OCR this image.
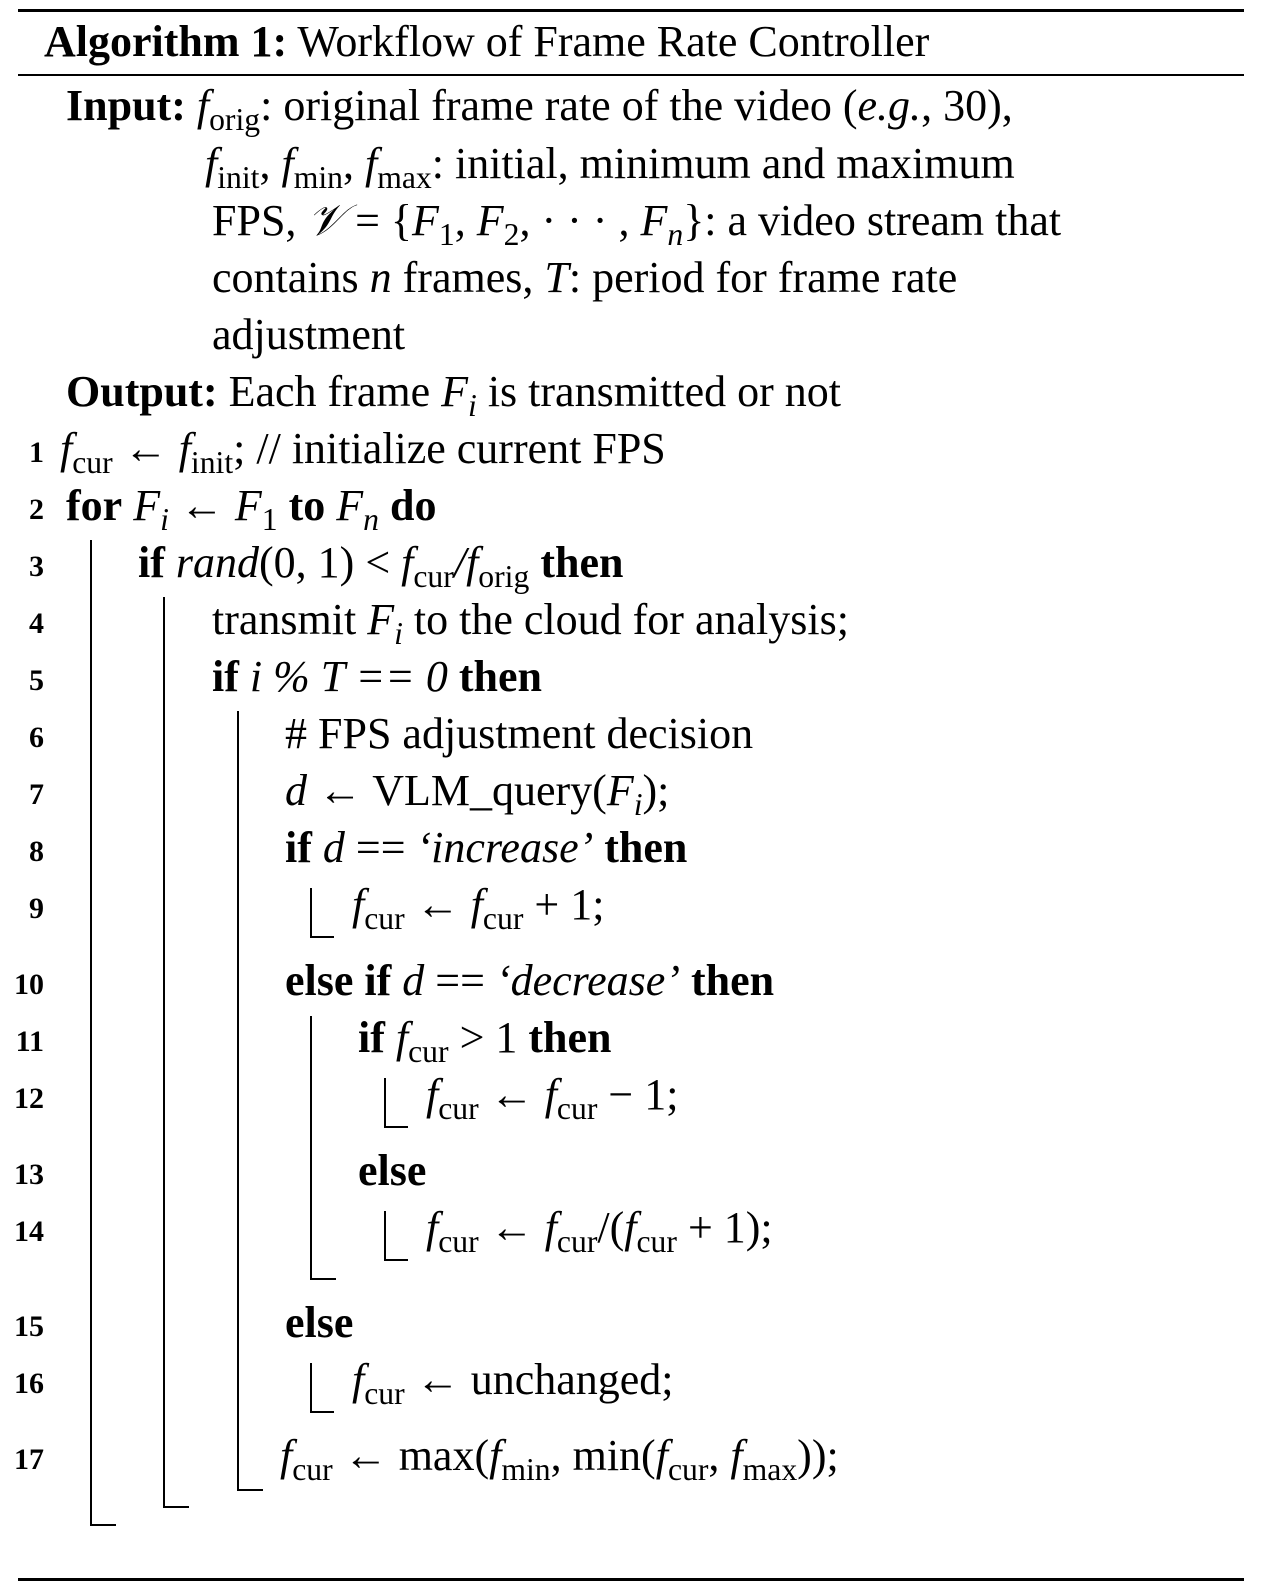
Algorithm 1: Workflow of Frame Rate Controller
Input: $f_{orig}$: original frame rate of the video (e.g., 30),
$f_{init}$, $f_{min}$, $f_{max}$: initial, minimum and maximum
FPS, 𝒱 = {$F_1$, $F_2$, · · · , $F_n$}: a video stream that
contains n frames, T: period for frame rate
adjustment
Output: Each frame $F_i$ is transmitted or not
1
2
3
4
5
6
7
8
9
10
11
12
13
14
15
16
17
$f_{cur}$ ← $f_{init}$; // initialize current FPS
for $F_i$ ← $F_1$ to $F_n$ do
if rand(0, $1) < f_{cur}/f_{orig}$ then
transmit $F_i$ to the cloud for analysis;
if i % T == 0 then
# FPS adjustment decision
d ← $VLM\_query(F_i)$;
if d == ‘increase’ then
$f_{cur}$ ← $f_{cur} + 1$;
else if d == ‘decrease’ then
if $f_{cur} > 1$ then
$f_{cur}$ ← $f_{cur} - 1$;
else
$f_{cur}$ ← $f_{cur}/(f_{cur} + 1)$;
else
$f_{cur}$ ← unchanged;
$f_{cur}$ ← $\max(f_{min}$, $\min(f_{cur}$, $f_{max}$));
